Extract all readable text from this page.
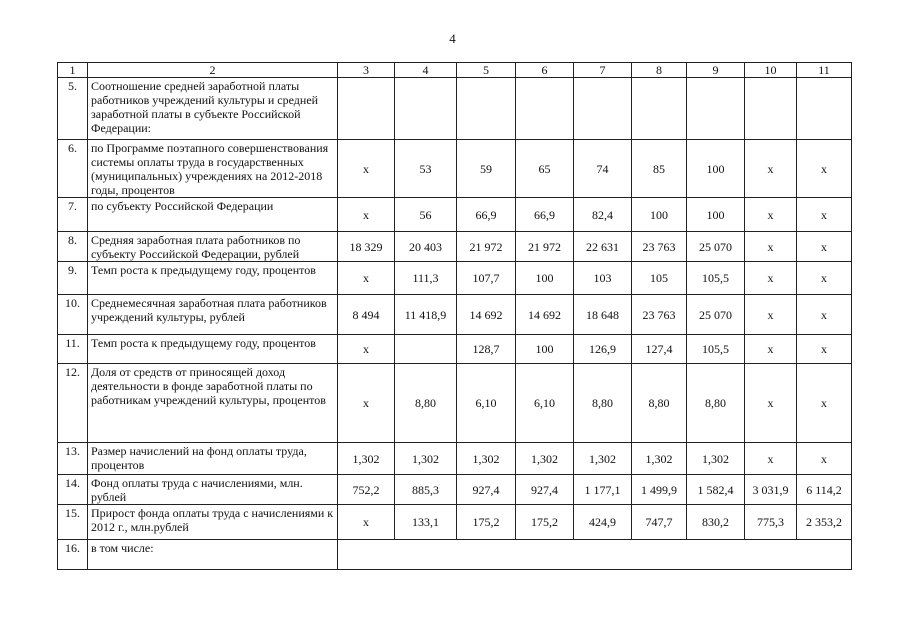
4
1	2	3	4	5	6	7	8	9	10	11
5.	Соотношение средней заработной платы работников учреждений культуры и средней заработной платы в субъекте Российской Федерации:									
6.	по Программе поэтапного совершенствования системы оплаты труда в государственных (муниципальных) учреждениях на 2012-2018 годы, процентов	х	53	59	65	74	85	100	х	х
7.	по субъекту Российской Федерации	х	56	66,9	66,9	82,4	100	100	х	х
8.	Средняя заработная плата работников по субъекту Российской Федерации, рублей	18 329	20 403	21 972	21 972	22 631	23 763	25 070	х	х
9.	Темп роста к предыдущему году, процентов	х	111,3	107,7	100	103	105	105,5	х	х
10.	Среднемесячная заработная плата работников учреждений культуры, рублей	8 494	11 418,9	14 692	14 692	18 648	23 763	25 070	х	х
11.	Темп роста к предыдущему году, процентов	х		128,7	100	126,9	127,4	105,5	х	х
12.	Доля от средств от приносящей доход деятельности в фонде заработной платы по работникам учреждений культуры, процентов	х	8,80	6,10	6,10	8,80	8,80	8,80	х	х
13.	Размер начислений на фонд оплаты труда, процентов	1,302	1,302	1,302	1,302	1,302	1,302	1,302	х	х
14.	Фонд оплаты труда с начислениями, млн. рублей	752,2	885,3	927,4	927,4	1 177,1	1 499,9	1 582,4	3 031,9	6 114,2
15.	Прирост фонда оплаты труда с начислениями к 2012 г., млн.рублей	х	133,1	175,2	175,2	424,9	747,7	830,2	775,3	2 353,2
16.	в том числе:									
